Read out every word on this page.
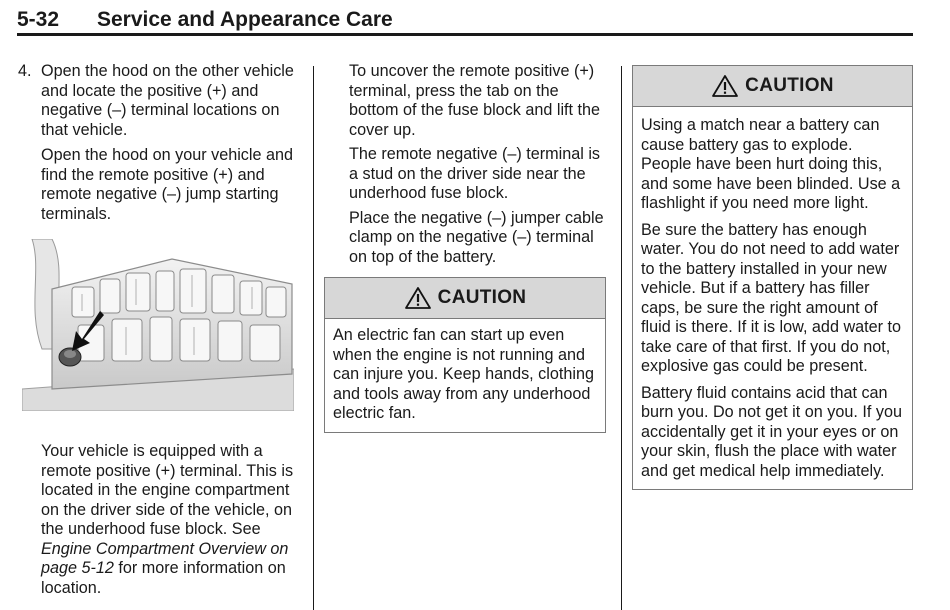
5-32 Service and Appearance Care
4. Open the hood on the other vehicle and locate the positive (+) and negative (–) terminal locations on that vehicle.

Open the hood on your vehicle and find the remote positive (+) and remote negative (–) jump starting terminals.

Your vehicle is equipped with a remote positive (+) terminal. This is located in the engine compartment on the driver side of the vehicle, on the underhood fuse block. See Engine Compartment Overview on page 5-12 for more information on location.

To uncover the remote positive (+) terminal, press the tab on the bottom of the fuse block and lift the cover up.

The remote negative (–) terminal is a stud on the driver side near the underhood fuse block.

Place the negative (–) jumper cable clamp on the negative (–) terminal on top of the battery.

CAUTION

An electric fan can start up even when the engine is not running and can injure you. Keep hands, clothing and tools away from any underhood electric fan.

CAUTION

Using a match near a battery can cause battery gas to explode. People have been hurt doing this, and some have been blinded. Use a flashlight if you need more light.

Be sure the battery has enough water. You do not need to add water to the battery installed in your new vehicle. But if a battery has filler caps, be sure the right amount of fluid is there. If it is low, add water to take care of that first. If you do not, explosive gas could be present.

Battery fluid contains acid that can burn you. Do not get it on you. If you accidentally get it in your eyes or on your skin, flush the place with water and get medical help immediately.
